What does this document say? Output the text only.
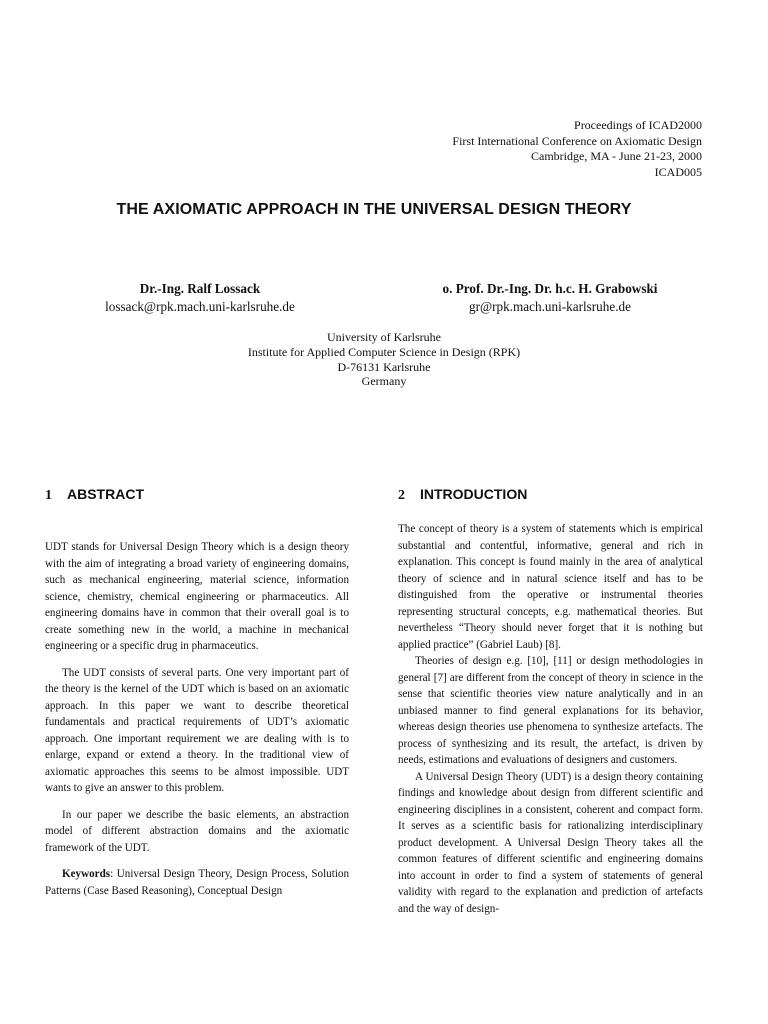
Proceedings of ICAD2000
First International Conference on Axiomatic Design
Cambridge, MA - June 21-23, 2000
ICAD005
THE AXIOMATIC APPROACH IN THE UNIVERSAL DESIGN THEORY
Dr.-Ing. Ralf Lossack
lossack@rpk.mach.uni-karlsruhe.de
o. Prof. Dr.-Ing. Dr. h.c. H. Grabowski
gr@rpk.mach.uni-karlsruhe.de
University of Karlsruhe
Institute for Applied Computer Science in Design (RPK)
D-76131 Karlsruhe
Germany
1 ABSTRACT	2 INTRODUCTION

UDT stands for Universal Design Theory which is a design theory with the aim of integrating a broad variety of engineering domains, such as mechanical engineering, material science, information science, chemistry, chemical engineering or pharmaceutics. All engineering domains have in common that their overall goal is to create something new in the world, a machine in mechanical engineering or a specific drug in pharmaceutics.

The UDT consists of several parts. One very important part of the theory is the kernel of the UDT which is based on an axiomatic approach. In this paper we want to describe theoretical fundamentals and practical requirements of UDT’s axiomatic approach. One important requirement we are dealing with is to enlarge, expand or extend a theory. In the traditional view of axiomatic approaches this seems to be almost impossible. UDT wants to give an answer to this problem.

In our paper we describe the basic elements, an abstraction model of different abstraction domains and the axiomatic framework of the UDT.

Keywords: Universal Design Theory, Design Process, Solution Patterns (Case Based Reasoning), Conceptual Design

The concept of theory is a system of statements which is empirical substantial and contentful, informative, general and rich in explanation. This concept is found mainly in the area of analytical theory of science and in natural science itself and has to be distinguished from the operative or instrumental theories representing structural concepts, e.g. mathematical theories. But nevertheless “Theory should never forget that it is nothing but applied practice” (Gabriel Laub) [8].

Theories of design e.g. [10], [11] or design methodologies in general [7] are different from the concept of theory in science in the sense that scientific theories view nature analytically and in an unbiased manner to find general explanations for its behavior, whereas design theories use phenomena to synthesize artefacts. The process of synthesizing and its result, the artefact, is driven by needs, estimations and evaluations of designers and customers.

A Universal Design Theory (UDT) is a design theory containing findings and knowledge about design from different scientific and engineering disciplines in a consistent, coherent and compact form. It serves as a scientific basis for rationalizing interdisciplinary product development. A Universal Design Theory takes all the common features of different scientific and engineering domains into account in order to find a system of statements of general validity with regard to the explanation and prediction of artefacts and the way of design-
